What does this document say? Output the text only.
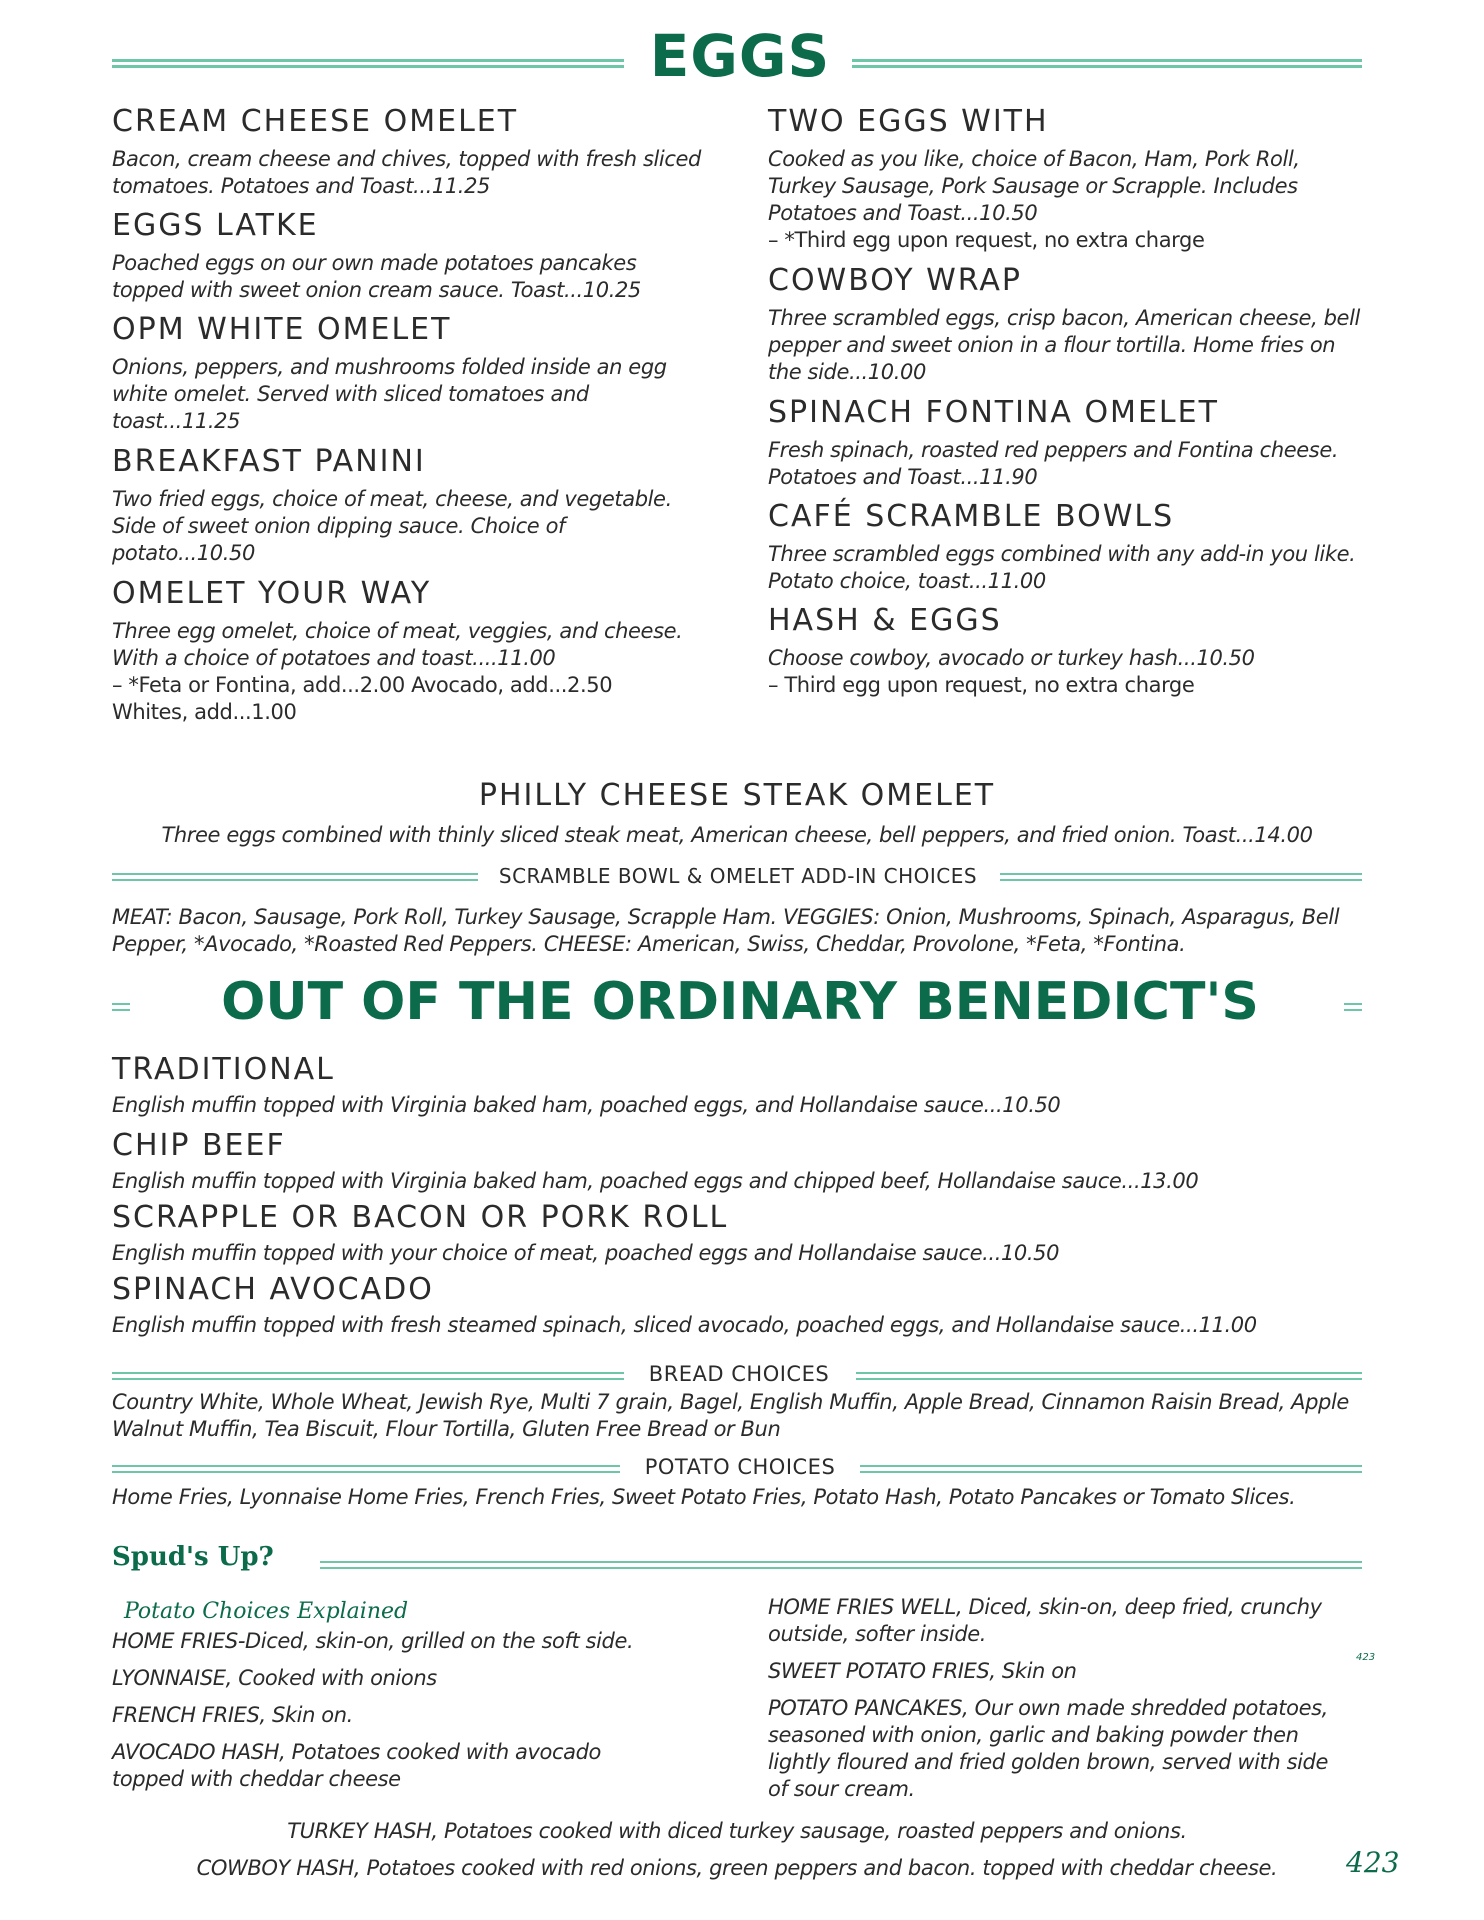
EGGS
CREAM CHEESE OMELET
Bacon, cream cheese and chives, topped with fresh sliced tomatoes. Potatoes and Toast...11.25
EGGS LATKE
Poached eggs on our own made potatoes pancakes topped with sweet onion cream sauce. Toast...10.25
OPM WHITE OMELET
Onions, peppers, and mushrooms folded inside an egg white omelet. Served with sliced tomatoes and toast...11.25
BREAKFAST PANINI
Two fried eggs, choice of meat, cheese, and vegetable. Side of sweet onion dipping sauce. Choice of potato...10.50
OMELET YOUR WAY
Three egg omelet, choice of meat, veggies, and cheese. With a choice of potatoes and toast....11.00
– *Feta or Fontina, add...2.00 Avocado, add...2.50 Whites, add...1.00
TWO EGGS WITH
Cooked as you like, choice of Bacon, Ham, Pork Roll, Turkey Sausage, Pork Sausage or Scrapple. Includes Potatoes and Toast...10.50
– *Third egg upon request, no extra charge
COWBOY WRAP
Three scrambled eggs, crisp bacon, American cheese, bell pepper and sweet onion in a flour tortilla. Home fries on the side...10.00
SPINACH FONTINA OMELET
Fresh spinach, roasted red peppers and Fontina cheese. Potatoes and Toast...11.90
CAFÉ SCRAMBLE BOWLS
Three scrambled eggs combined with any add-in you like. Potato choice, toast...11.00
HASH & EGGS
Choose cowboy, avocado or turkey hash...10.50
– Third egg upon request, no extra charge
PHILLY CHEESE STEAK OMELET
Three eggs combined with thinly sliced steak meat, American cheese, bell peppers, and fried onion. Toast...14.00
SCRAMBLE BOWL & OMELET ADD-IN CHOICES
MEAT: Bacon, Sausage, Pork Roll, Turkey Sausage, Scrapple Ham. VEGGIES: Onion, Mushrooms, Spinach, Asparagus, Bell Pepper, *Avocado, *Roasted Red Peppers. CHEESE: American, Swiss, Cheddar, Provolone, *Feta, *Fontina.
OUT OF THE ORDINARY BENEDICT'S
TRADITIONAL
English muffin topped with Virginia baked ham, poached eggs, and Hollandaise sauce...10.50
CHIP BEEF
English muffin topped with Virginia baked ham, poached eggs and chipped beef, Hollandaise sauce...13.00
SCRAPPLE OR BACON OR PORK ROLL
English muffin topped with your choice of meat, poached eggs and Hollandaise sauce...10.50
SPINACH AVOCADO
English muffin topped with fresh steamed spinach, sliced avocado, poached eggs, and Hollandaise sauce...11.00
BREAD CHOICES
Country White, Whole Wheat, Jewish Rye, Multi 7 grain, Bagel, English Muffin, Apple Bread, Cinnamon Raisin Bread, Apple Walnut Muffin, Tea Biscuit, Flour Tortilla, Gluten Free Bread or Bun
POTATO CHOICES
Home Fries, Lyonnaise Home Fries, French Fries, Sweet Potato Fries, Potato Hash, Potato Pancakes or Tomato Slices.
Spud's Up?
Potato Choices Explained
HOME FRIES-Diced, skin-on, grilled on the soft side.
LYONNAISE, Cooked with onions
FRENCH FRIES, Skin on.
AVOCADO HASH, Potatoes cooked with avocado topped with cheddar cheese
HOME FRIES WELL, Diced, skin-on, deep fried, crunchy outside, softer inside.
SWEET POTATO FRIES, Skin on
POTATO PANCAKES, Our own made shredded potatoes, seasoned with onion, garlic and baking powder then lightly floured and fried golden brown, served with side of sour cream.
423
TURKEY HASH, Potatoes cooked with diced turkey sausage, roasted peppers and onions.
COWBOY HASH, Potatoes cooked with red onions, green peppers and bacon. topped with cheddar cheese.	423
